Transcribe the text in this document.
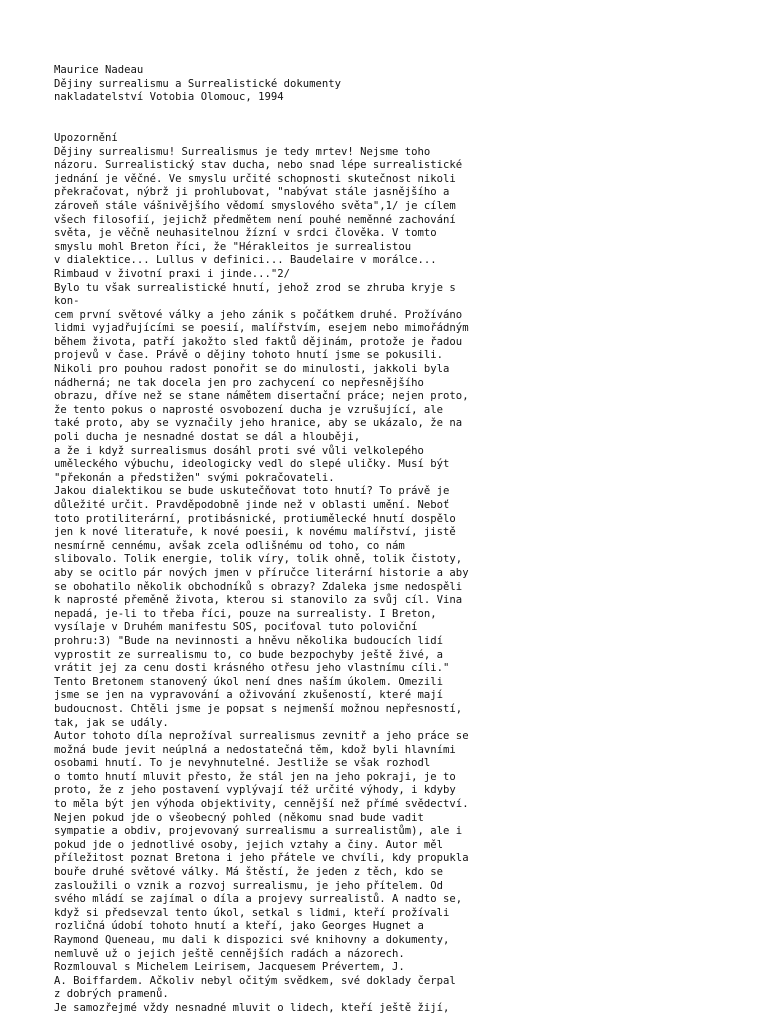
Maurice Nadeau
Dějiny surrealismu a Surrealistické dokumenty
nakladatelství Votobia Olomouc, 1994
Upozornění
Dějiny surrealismu! Surrealismus je tedy mrtev! Nejsme toho
názoru. Surrealistický stav ducha, nebo snad lépe surrealistické
jednání je věčné. Ve smyslu určité schopnosti skutečnost nikoli
překračovat, nýbrž ji prohlubovat, "nabývat stále jasnějšího a
zároveň stále vášnivějšího vědomí smyslového světa",1/ je cílem
všech filosofií, jejichž předmětem není pouhé neměnné zachování
světa, je věčně neuhasitelnou žízní v srdci člověka. V tomto
smyslu mohl Breton říci, že "Hérakleitos je surrealistou
v dialektice... Lullus v definici... Baudelaire v morálce...
Rimbaud v životní praxi i jinde..."2/
Bylo tu však surrealistické hnutí, jehož zrod se zhruba kryje s
kon-
cem první světové války a jeho zánik s počátkem druhé. Prožíváno
lidmi vyjadřujícími se poesií, malířstvím, esejem nebo mimořádným
během života, patří jakožto sled faktů dějinám, protože je řadou
projevů v čase. Právě o dějiny tohoto hnutí jsme se pokusili.
Nikoli pro pouhou radost ponořit se do minulosti, jakkoli byla
nádherná; ne tak docela jen pro zachycení co nepřesnějšího
obrazu, dříve než se stane námětem disertační práce; nejen proto,
že tento pokus o naprosté osvobození ducha je vzrušující, ale
také proto, aby se vyznačily jeho hranice, aby se ukázalo, že na
poli ducha je nesnadné dostat se dál a hlouběji,
a že i když surrealismus dosáhl proti své vůli velkolepého
uměleckého výbuchu, ideologicky vedl do slepé uličky. Musí být
"překonán a předstižen" svými pokračovateli.
Jakou dialektikou se bude uskutečňovat toto hnutí? To právě je
důležité určit. Pravděpodobně jinde než v oblasti umění. Neboť
toto protiliterární, protibásnické, protiumělecké hnutí dospělo
jen k nové literatuře, k nové poesii, k novému malířství, jistě
nesmírně cennému, avšak zcela odlišnému od toho, co nám
slibovalo. Tolik energie, tolik víry, tolik ohně, tolik čistoty,
aby se ocitlo pár nových jmen v příručce literární historie a aby
se obohatilo několik obchodníků s obrazy? Zdaleka jsme nedospěli
k naprosté přeměně života, kterou si stanovilo za svůj cíl. Vina
nepadá, je-li to třeba říci, pouze na surrealisty. I Breton,
vysílaje v Druhém manifestu SOS, pociťoval tuto poloviční
prohru:3) "Bude na nevinnosti a hněvu několika budoucích lidí
vyprostit ze surrealismu to, co bude bezpochyby ještě živé, a
vrátit jej za cenu dosti krásného otřesu jeho vlastnímu cíli."
Tento Bretonem stanovený úkol není dnes naším úkolem. Omezili
jsme se jen na vypravování a oživování zkušeností, které mají
budoucnost. Chtěli jsme je popsat s nejmenší možnou nepřesností,
tak, jak se udály.
Autor tohoto díla neprožíval surrealismus zevnitř a jeho práce se
možná bude jevit neúplná a nedostatečná těm, kdož byli hlavními
osobami hnutí. To je nevyhnutelné. Jestliže se však rozhodl
o tomto hnutí mluvit přesto, že stál jen na jeho pokraji, je to
proto, že z jeho postavení vyplývají též určité výhody, i kdyby
to měla být jen výhoda objektivity, cennější než přímé svědectví.
Nejen pokud jde o všeobecný pohled (někomu snad bude vadit
sympatie a obdiv, projevovaný surrealismu a surrealistům), ale i
pokud jde o jednotlivé osoby, jejich vztahy a činy. Autor měl
příležitost poznat Bretona i jeho přátele ve chvíli, kdy propukla
bouře druhé světové války. Má štěstí, že jeden z těch, kdo se
zasloužili o vznik a rozvoj surrealismu, je jeho přítelem. Od
svého mládí se zajímal o díla a projevy surrealistů. A nadto se,
když si předsevzal tento úkol, setkal s lidmi, kteří prožívali
rozličná údobí tohoto hnutí a kteří, jako Georges Hugnet a
Raymond Queneau, mu dali k dispozici své knihovny a dokumenty,
nemluvě už o jejich ještě cennějších radách a názorech.
Rozmlouval s Michelem Leirisem, Jacquesem Prévertem, J.
A. Boiffardem. Ačkoliv nebyl očitým svědkem, své doklady čerpal
z dobrých pramenů.
Je samozřejmé vždy nesnadné mluvit o lidech, kteří ještě žijí,
